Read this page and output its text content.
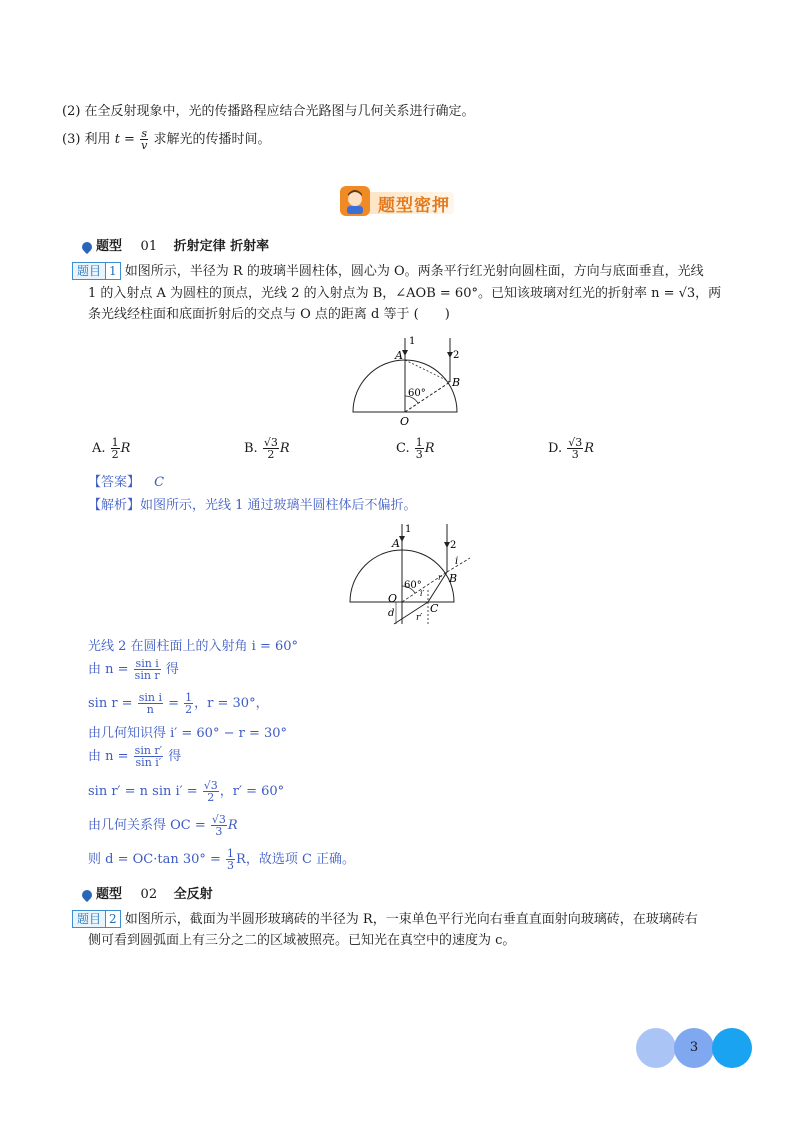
(2) 在全反射现象中，光的传播路程应结合光路图与几何关系进行确定。
(3) 利用 $t = \frac{s}{v}$ 求解光的传播时间。
题型密押
题型 01 折射定律 折射率
题目 1 如图所示，半径为 R 的玻璃半圆柱体，圆心为 O。两条平行红光射向圆柱面，方向与底面垂直，光线
1 的入射点 A 为圆柱的顶点，光线 2 的入射点为 B，∠AOB = 60°。已知该玻璃对红光的折射率 n = √3，两
条光线经柱面和底面折射后的交点与 O 点的距离 d 等于 (　　)
A
1
2
B
60°
O
A. $\frac{1}{2}$ R	B. $\frac{√3}{2}$ R	C. $\frac{1}{3}$ R	D. $\frac{√3}{3}$ R
【答案】 C
【解析】如图所示，光线 1 通过玻璃半圆柱体后不偏折。
A
1
2
i
B
60°
r
i′
O
d	C
r′
光线 2 在圆柱面上的入射角 i = 60°
由 $n = \frac{\text{sin i}}{\text{sin r}}$ 得
$\sin r = \frac{\text{sin i}}{n} = \frac{1}{2}$ ，r = 30°，
由几何知识得 i′ = 60° − r = 30°
由 $n = \frac{\text{sin r′}}{\text{sin i′}}$ 得
sin r′ = n $\sin i' = \frac{√3}{2}$ ，r′ = 60°
由几何关系得 OC = $\frac{√3}{3}$ R
则 d = OC·tan $30^\circ = \frac{1}{3}$ R，故选项 C 正确。
题型 02 全反射
题目 2 如图所示，截面为半圆形玻璃砖的半径为 R，一束单色平行光向右垂直直面射向玻璃砖，在玻璃砖右
侧可看到圆弧面上有三分之二的区域被照亮。已知光在真空中的速度为 c。
3
